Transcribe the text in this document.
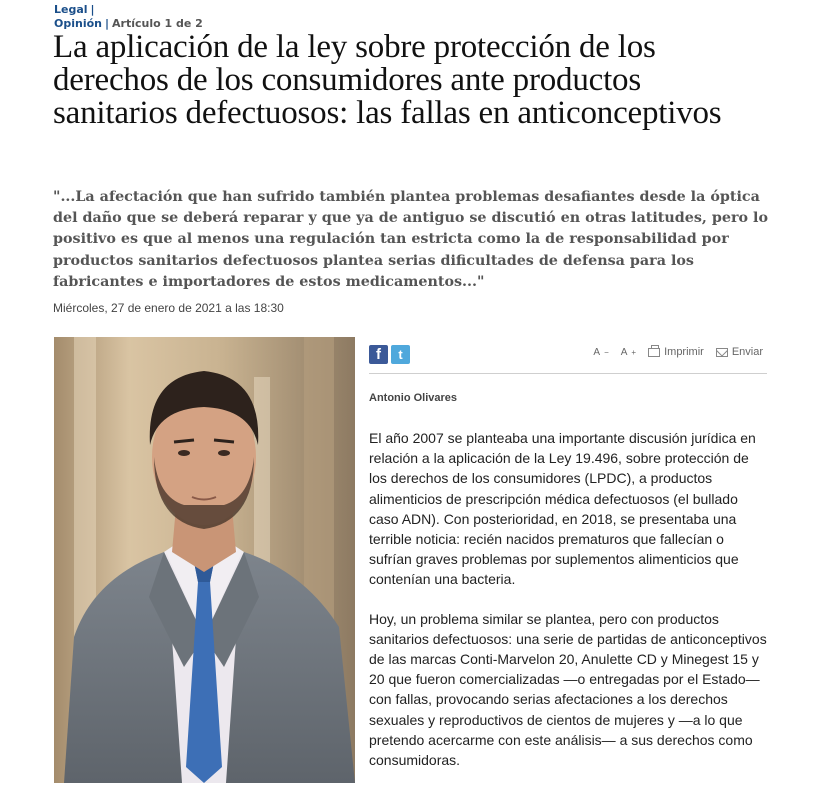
Legal |
Opinión | Artículo 1 de 2
La aplicación de la ley sobre protección de los derechos de los consumidores ante productos sanitarios defectuosos: las fallas en anticonceptivos

"...La afectación que han sufrido también plantea problemas desafiantes desde la óptica del daño que se deberá reparar y que ya de antiguo se discutió en otras latitudes, pero lo positivo es que al menos una regulación tan estricta como la de responsabilidad por productos sanitarios defectuosos plantea serias dificultades de defensa para los fabricantes e importadores de estos medicamentos..."

Miércoles, 27 de enero de 2021 a las 18:30
f	t	A − A +	Imprimir	Enviar
Antonio Olivares

El año 2007 se planteaba una importante discusión jurídica en relación a la aplicación de la Ley 19.496, sobre protección de los derechos de los consumidores (LPDC), a productos alimenticios de prescripción médica defectuosos (el bullado caso ADN). Con posterioridad, en 2018, se presentaba una terrible noticia: recién nacidos prematuros que fallecían o sufrían graves problemas por suplementos alimenticios que contenían una bacteria.

Hoy, un problema similar se plantea, pero con productos sanitarios defectuosos: una serie de partidas de anticonceptivos de las marcas Conti-Marvelon 20, Anulette CD y Minegest 15 y 20 que fueron comercializadas —o entregadas por el Estado— con fallas, provocando serias afectaciones a los derechos sexuales y reproductivos de cientos de mujeres y —a lo que pretendo acercarme con este análisis— a sus derechos como consumidoras.
